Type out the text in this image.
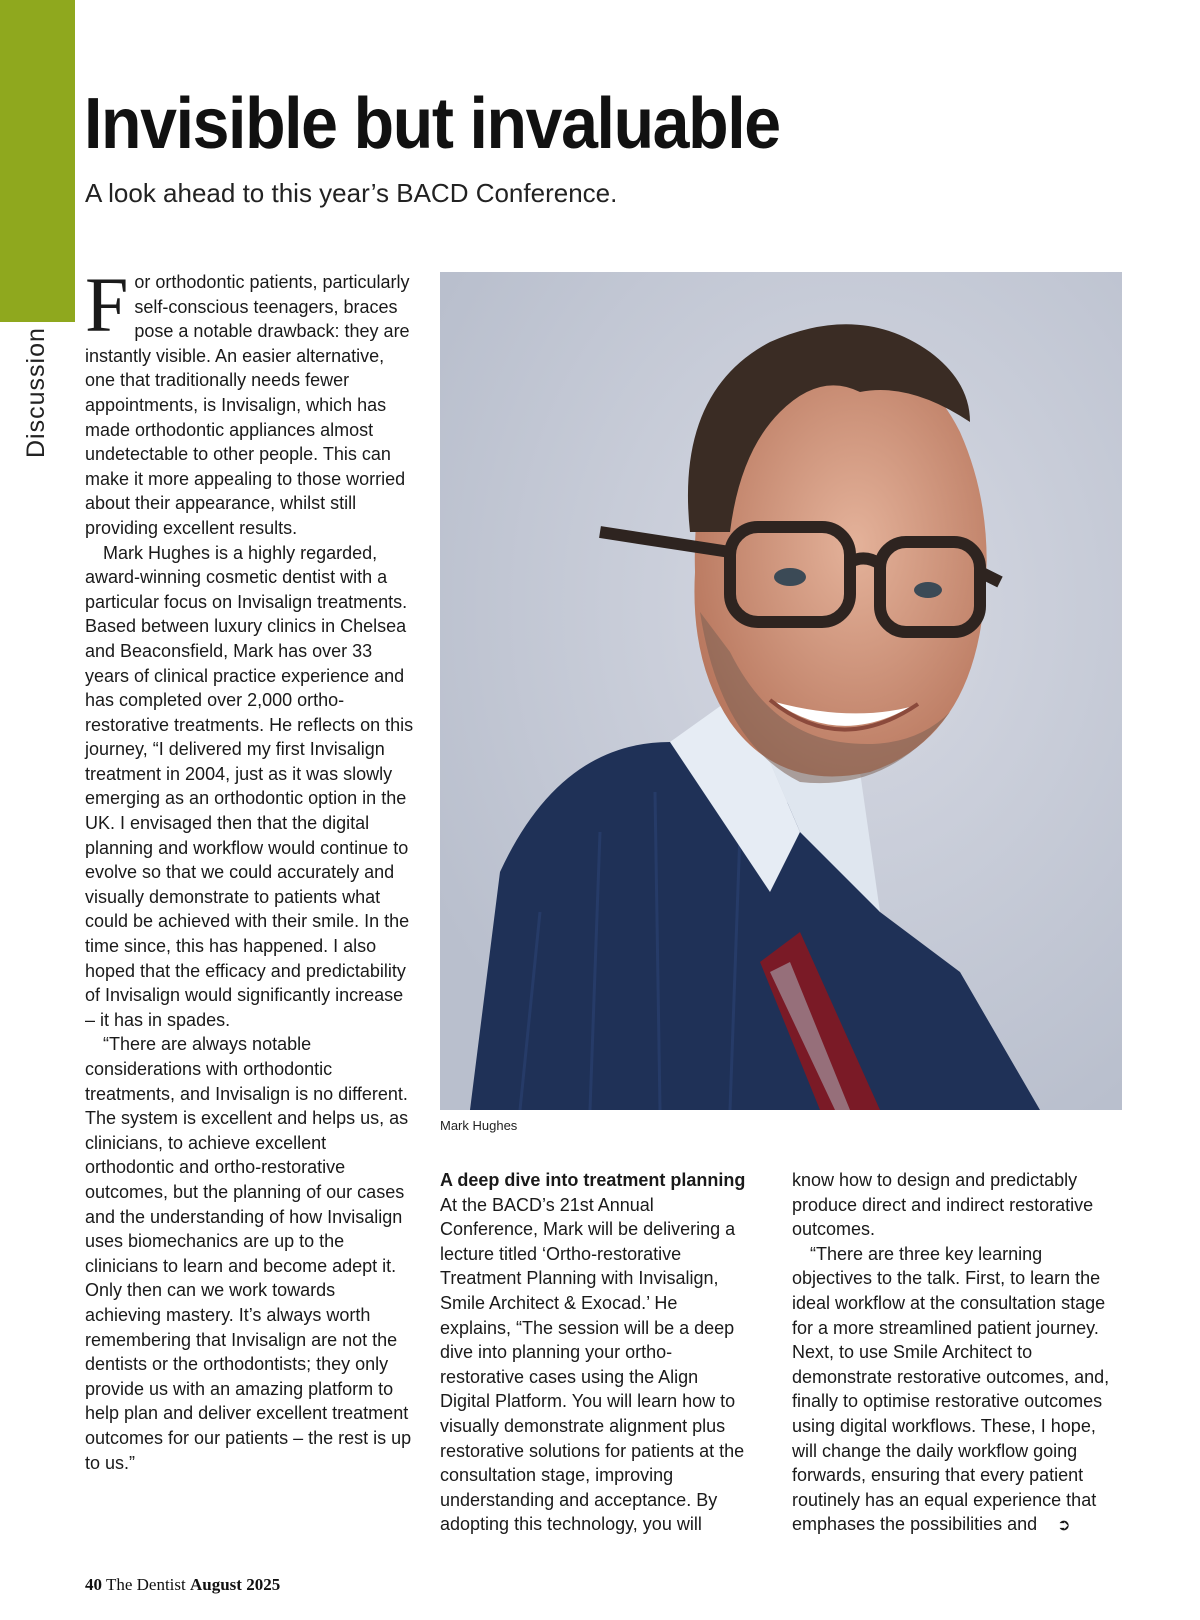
Discussion
Invisible but invaluable
A look ahead to this year’s BACD Conference.

For orthodontic patients, particularly self-conscious teenagers, braces pose a notable drawback: they are instantly visible. An easier alternative, one that traditionally needs fewer appointments, is Invisalign, which has made orthodontic appliances almost undetectable to other people. This can make it more appealing to those worried about their appearance, whilst still providing excellent results.

Mark Hughes is a highly regarded, award-winning cosmetic dentist with a particular focus on Invisalign treatments. Based between luxury clinics in Chelsea and Beaconsfield, Mark has over 33 years of clinical practice experience and has completed over 2,000 ortho-restorative treatments. He reflects on this journey, “I delivered my first Invisalign treatment in 2004, just as it was slowly emerging as an orthodontic option in the UK. I envisaged then that the digital planning and workflow would continue to evolve so that we could accurately and visually demonstrate to patients what could be achieved with their smile. In the time since, this has happened. I also hoped that the efficacy and predictability of Invisalign would significantly increase – it has in spades.

“There are always notable considerations with orthodontic treatments, and Invisalign is no different. The system is excellent and helps us, as clinicians, to achieve excellent orthodontic and ortho-restorative outcomes, but the planning of our cases and the understanding of how Invisalign uses biomechanics are up to the clinicians to learn and become adept it. Only then can we work towards achieving mastery. It’s always worth remembering that Invisalign are not the dentists or the orthodontists; they only provide us with an amazing platform to help plan and deliver excellent treatment outcomes for our patients – the rest is up to us.”

Mark Hughes

A deep dive into treatment planning

At the BACD’s 21st Annual Conference, Mark will be delivering a lecture titled ‘Ortho-restorative Treatment Planning with Invisalign, Smile Architect & Exocad.’ He explains, “The session will be a deep dive into planning your ortho-restorative cases using the Align Digital Platform. You will learn how to visually demonstrate alignment plus restorative solutions for patients at the consultation stage, improving understanding and acceptance. By adopting this technology, you will

know how to design and predictably produce direct and indirect restorative outcomes.

“There are three key learning objectives to the talk. First, to learn the ideal workflow at the consultation stage for a more streamlined patient journey. Next, to use Smile Architect to demonstrate restorative outcomes, and, finally to optimise restorative outcomes using digital workflows. These, I hope, will change the daily workflow going forwards, ensuring that every patient routinely has an equal experience that emphases the possibilities and ➲

40 The Dentist August 2025
